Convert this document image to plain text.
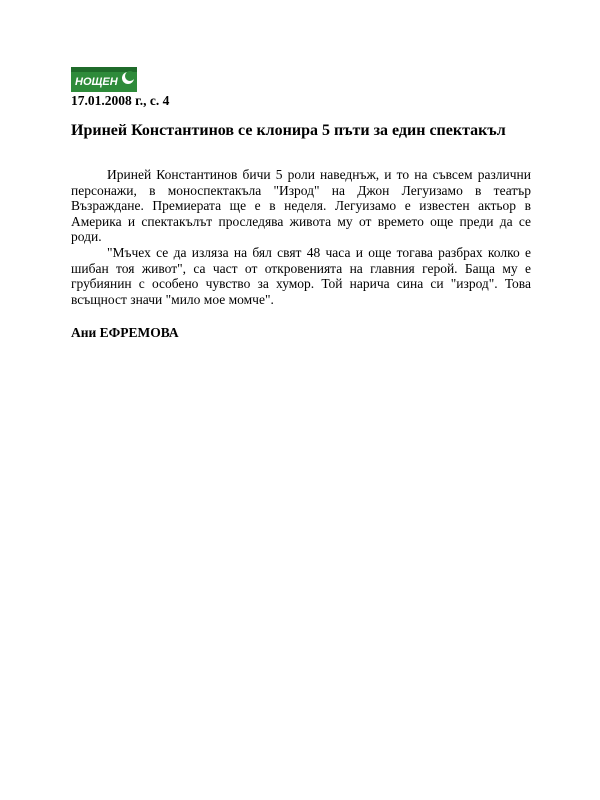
НОЩЕН
17.01.2008 г., с. 4
Ириней Константинов се клонира 5 пъти за един спектакъл

Ириней Константинов бичи 5 роли наведнъж, и то на съвсем различни персонажи, в моноспектакъла "Изрод" на Джон Легуизамо в театър Възраждане. Премиерата ще е в неделя. Легуизамо е известен актьор в Америка и спектакълът проследява живота му от времето още преди да се роди.

"Мъчех се да изляза на бял свят 48 часа и още тогава разбрах колко е шибан тоя живот", са част от откровенията на главния герой. Баща му е грубиянин с особено чувство за хумор. Той нарича сина си "изрод". Това всъщност значи "мило мое момче".

Ани ЕФРЕМОВА
